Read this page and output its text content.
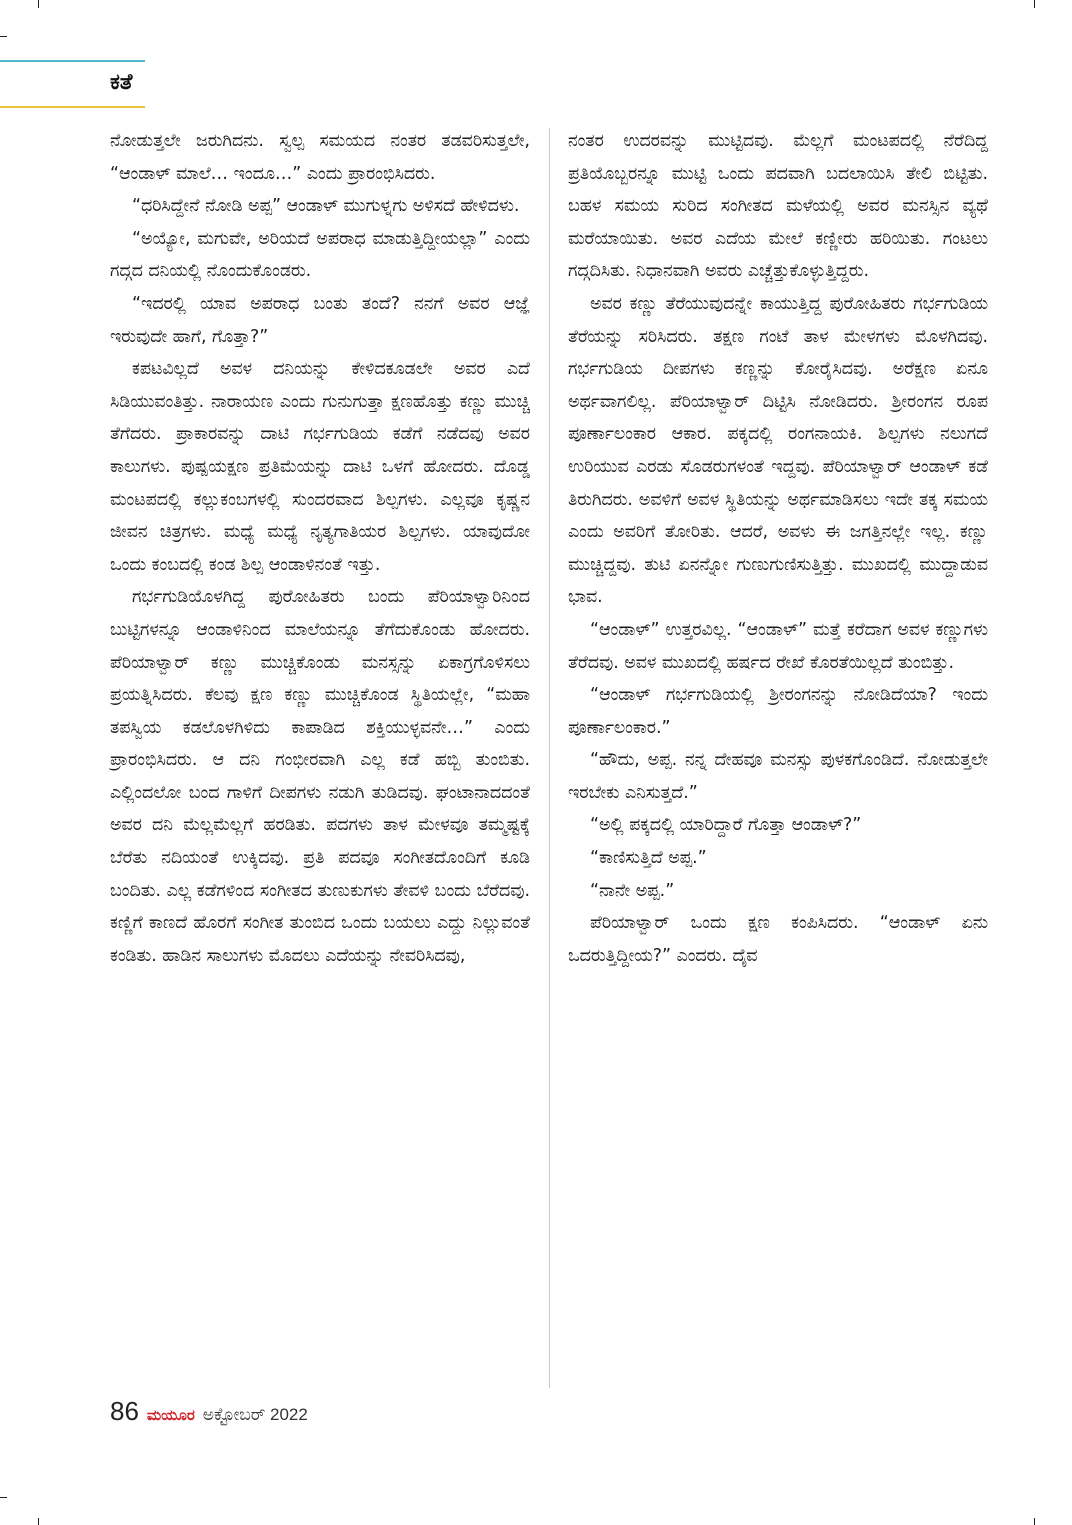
ಕತೆ

ನೋಡುತ್ತಲೇ ಜರುಗಿದನು. ಸ್ವಲ್ಪ ಸಮಯದ ನಂತರ ತಡವರಿಸುತ್ತಲೇ, “ಆಂಡಾಳ್ ಮಾಲೆ… ಇಂದೂ…” ಎಂದು ಪ್ರಾರಂಭಿಸಿದರು.

“ಧರಿಸಿದ್ದೇನೆ ನೋಡಿ ಅಪ್ಪ” ಆಂಡಾಳ್ ಮುಗುಳ್ನಗು ಅಳಿಸದೆ ಹೇಳಿದಳು.

“ಅಯ್ಯೋ, ಮಗುವೇ, ಅರಿಯದೆ ಅಪರಾಧ ಮಾಡುತ್ತಿದ್ದೀಯಲ್ಲಾ” ಎಂದು ಗದ್ಗದ ದನಿಯಲ್ಲಿ ನೊಂದುಕೊಂಡರು.

“ಇದರಲ್ಲಿ ಯಾವ ಅಪರಾಧ ಬಂತು ತಂದೆ? ನನಗೆ ಅವರ ಆಜ್ಞೆ ಇರುವುದೇ ಹಾಗೆ, ಗೊತ್ತಾ?”

ಕಪಟವಿಲ್ಲದೆ ಅವಳ ದನಿಯನ್ನು ಕೇಳಿದಕೂಡಲೇ ಅವರ ಎದೆ ಸಿಡಿಯುವಂತಿತ್ತು. ನಾರಾಯಣ ಎಂದು ಗುನುಗುತ್ತಾ ಕ್ಷಣಹೊತ್ತು ಕಣ್ಣು ಮುಚ್ಚಿ ತೆಗೆದರು. ಪ್ರಾಕಾರವನ್ನು ದಾಟಿ ಗರ್ಭಗುಡಿಯ ಕಡೆಗೆ ನಡೆದವು ಅವರ ಕಾಲುಗಳು. ಪುಷ್ಪಯಕ್ಷಣ ಪ್ರತಿಮೆಯನ್ನು ದಾಟಿ ಒಳಗೆ ಹೋದರು. ದೊಡ್ಡ ಮಂಟಪದಲ್ಲಿ ಕಲ್ಲುಕಂಬಗಳಲ್ಲಿ ಸುಂದರವಾದ ಶಿಲ್ಪಗಳು. ಎಲ್ಲವೂ ಕೃಷ್ಣನ ಜೀವನ ಚಿತ್ರಗಳು. ಮಧ್ಯೆ ಮಧ್ಯೆ ನೃತ್ಯಗಾತಿಯರ ಶಿಲ್ಪಗಳು. ಯಾವುದೋ ಒಂದು ಕಂಬದಲ್ಲಿ ಕಂಡ ಶಿಲ್ಪ ಆಂಡಾಳಿನಂತೆ ಇತ್ತು.

ಗರ್ಭಗುಡಿಯೊಳಗಿದ್ದ ಪುರೋಹಿತರು ಬಂದು ಪೆರಿಯಾಳ್ವಾರಿನಿಂದ ಬುಟ್ಟಿಗಳನ್ನೂ ಆಂಡಾಳಿನಿಂದ ಮಾಲೆಯನ್ನೂ ತೆಗೆದುಕೊಂಡು ಹೋದರು. ಪೆರಿಯಾಳ್ವಾರ್ ಕಣ್ಣು ಮುಚ್ಚಿಕೊಂಡು ಮನಸ್ಸನ್ನು ಏಕಾಗ್ರಗೊಳಿಸಲು ಪ್ರಯತ್ನಿಸಿದರು. ಕೆಲವು ಕ್ಷಣ ಕಣ್ಣು ಮುಚ್ಚಿಕೊಂಡ ಸ್ಥಿತಿಯಲ್ಲೇ, “ಮಹಾ ತಪಸ್ವಿಯ ಕಡಲೊಳಗಿಳಿದು ಕಾಪಾಡಿದ ಶಕ್ತಿಯುಳ್ಳವನೇ…” ಎಂದು ಪ್ರಾರಂಭಿಸಿದರು. ಆ ದನಿ ಗಂಭೀರವಾಗಿ ಎಲ್ಲ ಕಡೆ ಹಬ್ಬಿ ತುಂಬಿತು. ಎಲ್ಲಿಂದಲೋ ಬಂದ ಗಾಳಿಗೆ ದೀಪಗಳು ನಡುಗಿ ತುಡಿದವು. ಘಂಟಾನಾದದಂತೆ ಅವರ ದನಿ ಮೆಲ್ಲಮೆಲ್ಲಗೆ ಹರಡಿತು. ಪದಗಳು ತಾಳ ಮೇಳವೂ ತಮ್ಮಷ್ಟಕ್ಕೆ ಬೆರೆತು ನದಿಯಂತೆ ಉಕ್ಕಿದವು. ಪ್ರತಿ ಪದವೂ ಸಂಗೀತದೊಂದಿಗೆ ಕೂಡಿ ಬಂದಿತು. ಎಲ್ಲ ಕಡೆಗಳಿಂದ ಸಂಗೀತದ ತುಣುಕುಗಳು ತೇವಳಿ ಬಂದು ಬೆರೆದವು. ಕಣ್ಣಿಗೆ ಕಾಣದೆ ಹೊರಗೆ ಸಂಗೀತ ತುಂಬಿದ ಒಂದು ಬಯಲು ಎದ್ದು ನಿಲ್ಲುವಂತೆ ಕಂಡಿತು. ಹಾಡಿನ ಸಾಲುಗಳು ಮೊದಲು ಎದೆಯನ್ನು ನೇವರಿಸಿದವು,

ನಂತರ ಉದರವನ್ನು ಮುಟ್ಟಿದವು. ಮೆಲ್ಲಗೆ ಮಂಟಪದಲ್ಲಿ ನೆರೆದಿದ್ದ ಪ್ರತಿಯೊಬ್ಬರನ್ನೂ ಮುಟ್ಟಿ ಒಂದು ಪದವಾಗಿ ಬದಲಾಯಿಸಿ ತೇಲಿ ಬಿಟ್ಟಿತು. ಬಹಳ ಸಮಯ ಸುರಿದ ಸಂಗೀತದ ಮಳೆಯಲ್ಲಿ ಅವರ ಮನಸ್ಸಿನ ವ್ಯಥೆ ಮರೆಯಾಯಿತು. ಅವರ ಎದೆಯ ಮೇಲೆ ಕಣ್ಣೀರು ಹರಿಯಿತು. ಗಂಟಲು ಗದ್ಗದಿಸಿತು. ನಿಧಾನವಾಗಿ ಅವರು ಎಚ್ಚೆತ್ತುಕೊಳ್ಳುತ್ತಿದ್ದರು.

ಅವರ ಕಣ್ಣು ತೆರೆಯುವುದನ್ನೇ ಕಾಯುತ್ತಿದ್ದ ಪುರೋಹಿತರು ಗರ್ಭಗುಡಿಯ ತೆರೆಯನ್ನು ಸರಿಸಿದರು. ತಕ್ಷಣ ಗಂಟೆ ತಾಳ ಮೇಳಗಳು ಮೊಳಗಿದವು. ಗರ್ಭಗುಡಿಯ ದೀಪಗಳು ಕಣ್ಣನ್ನು ಕೋರೈಸಿದವು. ಅರೆಕ್ಷಣ ಏನೂ ಅರ್ಥವಾಗಲಿಲ್ಲ. ಪೆರಿಯಾಳ್ವಾರ್ ದಿಟ್ಟಿಸಿ ನೋಡಿದರು. ಶ್ರೀರಂಗನ ರೂಪ ಪೂರ್ಣಾಲಂಕಾರ ಆಕಾರ. ಪಕ್ಕದಲ್ಲಿ ರಂಗನಾಯಕಿ. ಶಿಲ್ಪಗಳು ನಲುಗದೆ ಉರಿಯುವ ಎರಡು ಸೊಡರುಗಳಂತೆ ಇದ್ದವು. ಪೆರಿಯಾಳ್ವಾರ್ ಆಂಡಾಳ್ ಕಡೆ ತಿರುಗಿದರು. ಅವಳಿಗೆ ಅವಳ ಸ್ಥಿತಿಯನ್ನು ಅರ್ಥಮಾಡಿಸಲು ಇದೇ ತಕ್ಕ ಸಮಯ ಎಂದು ಅವರಿಗೆ ತೋರಿತು. ಆದರೆ, ಅವಳು ಈ ಜಗತ್ತಿನಲ್ಲೇ ಇಲ್ಲ. ಕಣ್ಣು ಮುಚ್ಚಿದ್ದವು. ತುಟಿ ಏನನ್ನೋ ಗುಣುಗುಣಿಸುತ್ತಿತ್ತು. ಮುಖದಲ್ಲಿ ಮುದ್ದಾಡುವ ಭಾವ.

“ಆಂಡಾಳ್” ಉತ್ತರವಿಲ್ಲ. “ಆಂಡಾಳ್” ಮತ್ತೆ ಕರೆದಾಗ ಅವಳ ಕಣ್ಣುಗಳು ತೆರೆದವು. ಅವಳ ಮುಖದಲ್ಲಿ ಹರ್ಷದ ರೇಖೆ ಕೊರತೆಯಿಲ್ಲದೆ ತುಂಬಿತ್ತು.

“ಆಂಡಾಳ್ ಗರ್ಭಗುಡಿಯಲ್ಲಿ ಶ್ರೀರಂಗನನ್ನು ನೋಡಿದೆಯಾ? ಇಂದು ಪೂರ್ಣಾಲಂಕಾರ.”

“ಹೌದು, ಅಪ್ಪ. ನನ್ನ ದೇಹವೂ ಮನಸ್ಸು ಪುಳಕಗೊಂಡಿದೆ. ನೋಡುತ್ತಲೇ ಇರಬೇಕು ಎನಿಸುತ್ತದೆ.”

“ಅಲ್ಲಿ ಪಕ್ಕದಲ್ಲಿ ಯಾರಿದ್ದಾರೆ ಗೊತ್ತಾ ಆಂಡಾಳ್?”

“ಕಾಣಿಸುತ್ತಿದೆ ಅಪ್ಪ.”

“ನಾನೇ ಅಪ್ಪ.”

ಪೆರಿಯಾಳ್ವಾರ್ ಒಂದು ಕ್ಷಣ ಕಂಪಿಸಿದರು. “ಆಂಡಾಳ್ ಏನು ಒದರುತ್ತಿದ್ದೀಯ?” ಎಂದರು. ದೈವ

86 ಮಯೂರ ಅಕ್ಟೋಬರ್ 2022
